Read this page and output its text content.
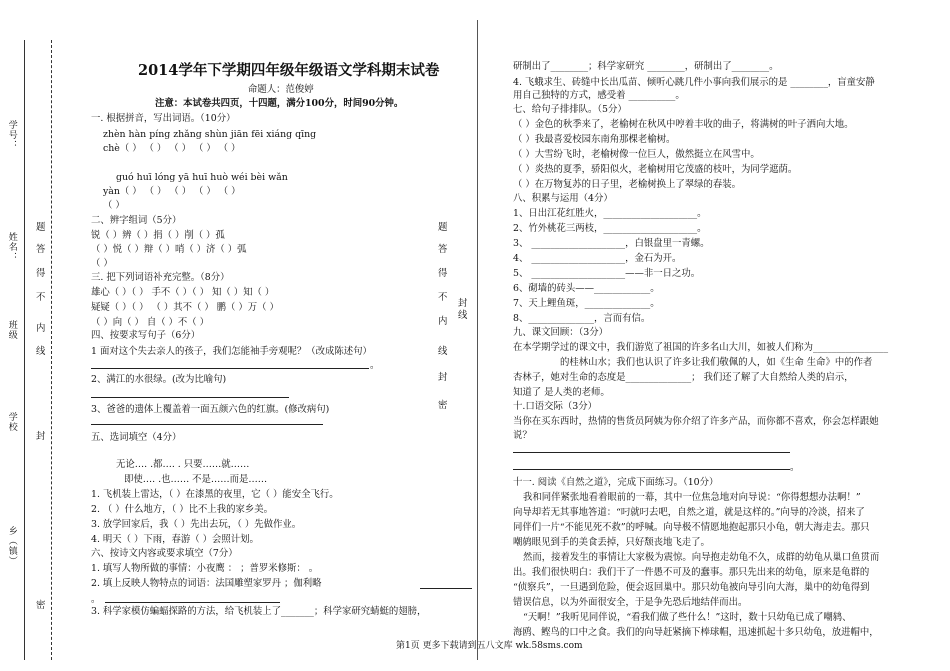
学号：
姓名：
班级
学校
乡（镇）
密
封
线
内
不
得
答
题	题
答
得
不
封
内
线
密
封
线
2014学年下学期四年级年级语文学科期末试卷
命题人：范俊婷
注意：本试卷共四页，十四题，满分100分，时间90分钟。
一. 根据拼音，写出词语。（10分）
zhèn hàn píng zhǎng shùn jiān fēi xiáng qīng
chè（ ） （ ） （ ） （ ） （ ）
guó huī lóng yā huī huò wéi bèi wǎn
yàn（ ） （ ） （ ） （ ） （ ）
（ ）
二、辨字组词（5分）
锐（ ）辨（ ）捐（ ）削（ ）孤
（ ）悦（ ）辩（ ）哨（ ）济（ ）弧
（ ）
三. 把下列词语补充完整。（8分）
雄心（ ）（ ） 手不（ ）（ ） 知（ ）知（ ）
疑疑（ ）（ ） （ ）其不（ ） 鹏（ ）万（ ）
（ ）向（ ） 自（ ）不（ ）
四、按要求写句子（6分）
1 面对这个失去亲人的孩子，我们怎能袖手旁观呢？（改成陈述句）
。
2、满江的水很绿。(改为比喻句)
3、爸爸的遗体上覆盖着一面五颜六色的红旗。(修改病句)
五、选词填空（4分）
无论…. .都…. . 只要……就……
即使…. .也…… 不是……而是……
1. 飞机装上雷达，（ ）在漆黑的夜里，它（ ）能安全飞行。
2. （ ）什么地方，（ ）比不上我的家乡美。
3. 放学回家后，我（ ）先出去玩，（ ）先做作业。
4. 明天（ ）下雨，春游（ ）会照计划。
六、按诗文内容或要求填空（7分）
1. 填写人物所做的事情：小夜鹰 ： ；普罗米修斯： 。
2. 填上反映人物特点的词语：法国雕塑家罗丹 ；伽利略
。
3. 科学家模仿蝙蝠探路的方法，给飞机装上了_______；科学家研究蜻蜓的翅膀，
研制出了________；科学家研究 ________，研制出了________。
4. 飞蛾求生、砖缝中长出瓜苗、倾听心跳几件小事向我们展示的是 ________，盲童安静
用自己独特的方式，感受着 __________。
七、给句子排排队。（5分）
（ ）金色的秋季来了，老榆树在秋风中哼着丰收的曲子，将满树的叶子洒向大地。
（ ）我最喜爱校园东南角那棵老榆树。
（ ）大雪纷飞时，老榆树像一位巨人，傲然挺立在风雪中。
（ ）炎热的夏季，骄阳似火，老榆树用它茂盛的枝叶，为同学遮荫。
（ ）在万物复苏的日子里，老榆树换上了翠绿的春装。
八、积累与运用（4分）
1、日出江花红胜火，____________________。
2、竹外桃花三两枝，____________________。
3、 ____________________，白银盘里一青螺。
4、 ____________________，金石为开。
5、 ____________________——非一日之功。
6、砌墙的砖头——____________。
7、天上鲤鱼斑，______________。
8、______________，言而有信。
九、课文回顾：（3分）
在本学期学过的课文中，我们游览了祖国的许多名山大川，如被人们称为________________
的桂林山水；我们也认识了许多让我们敬佩的人，如《生命 生命》中的作者
杏林子，她对生命的态度是______________； 我们还了解了大自然给人类的启示，
知道了 是人类的老师。
十.口语交际（3分）
当你在买东西时，热情的售货员阿姨为你介绍了许多产品，而你都不喜欢，你会怎样跟她
说？
。
十一. 阅读《自然之道》，完成下面练习。（10分）
我和同伴紧张地看着眼前的一幕，其中一位焦急地对向导说：“你得想想办法啊！”
向导却若无其事地答道：“叼就叼去吧，自然之道，就是这样的。”向导的冷淡，招来了
同伴们一片“不能见死不救”的呼喊。向导极不情愿地抱起那只小龟，朝大海走去。那只
嘲鸫眼见到手的美食丢掉，只好颓丧地飞走了。
然而，接着发生的事情让大家极为震惊。向导抱走幼龟不久，成群的幼龟从巢口鱼贯而
出。我们很快明白：我们干了一件愚不可及的蠢事。那只先出来的幼龟，原来是龟群的
“侦察兵”，一旦遇到危险，便会返回巢中。那只幼龟被向导引向大海，巢中的幼龟得到
错误信息，以为外面很安全，于是争先恐后地结伴而出。
“天啊！”我听见同伴说，“看我们做了些什么！”这时，数十只幼龟已成了嘲鸫、
海鸥、鲣鸟的口中之食。我们的向导赶紧摘下棒球帽，迅速抓起十多只幼龟，放进帽中，
第1页 更多下载请到五八文库 wk.58sms.com
